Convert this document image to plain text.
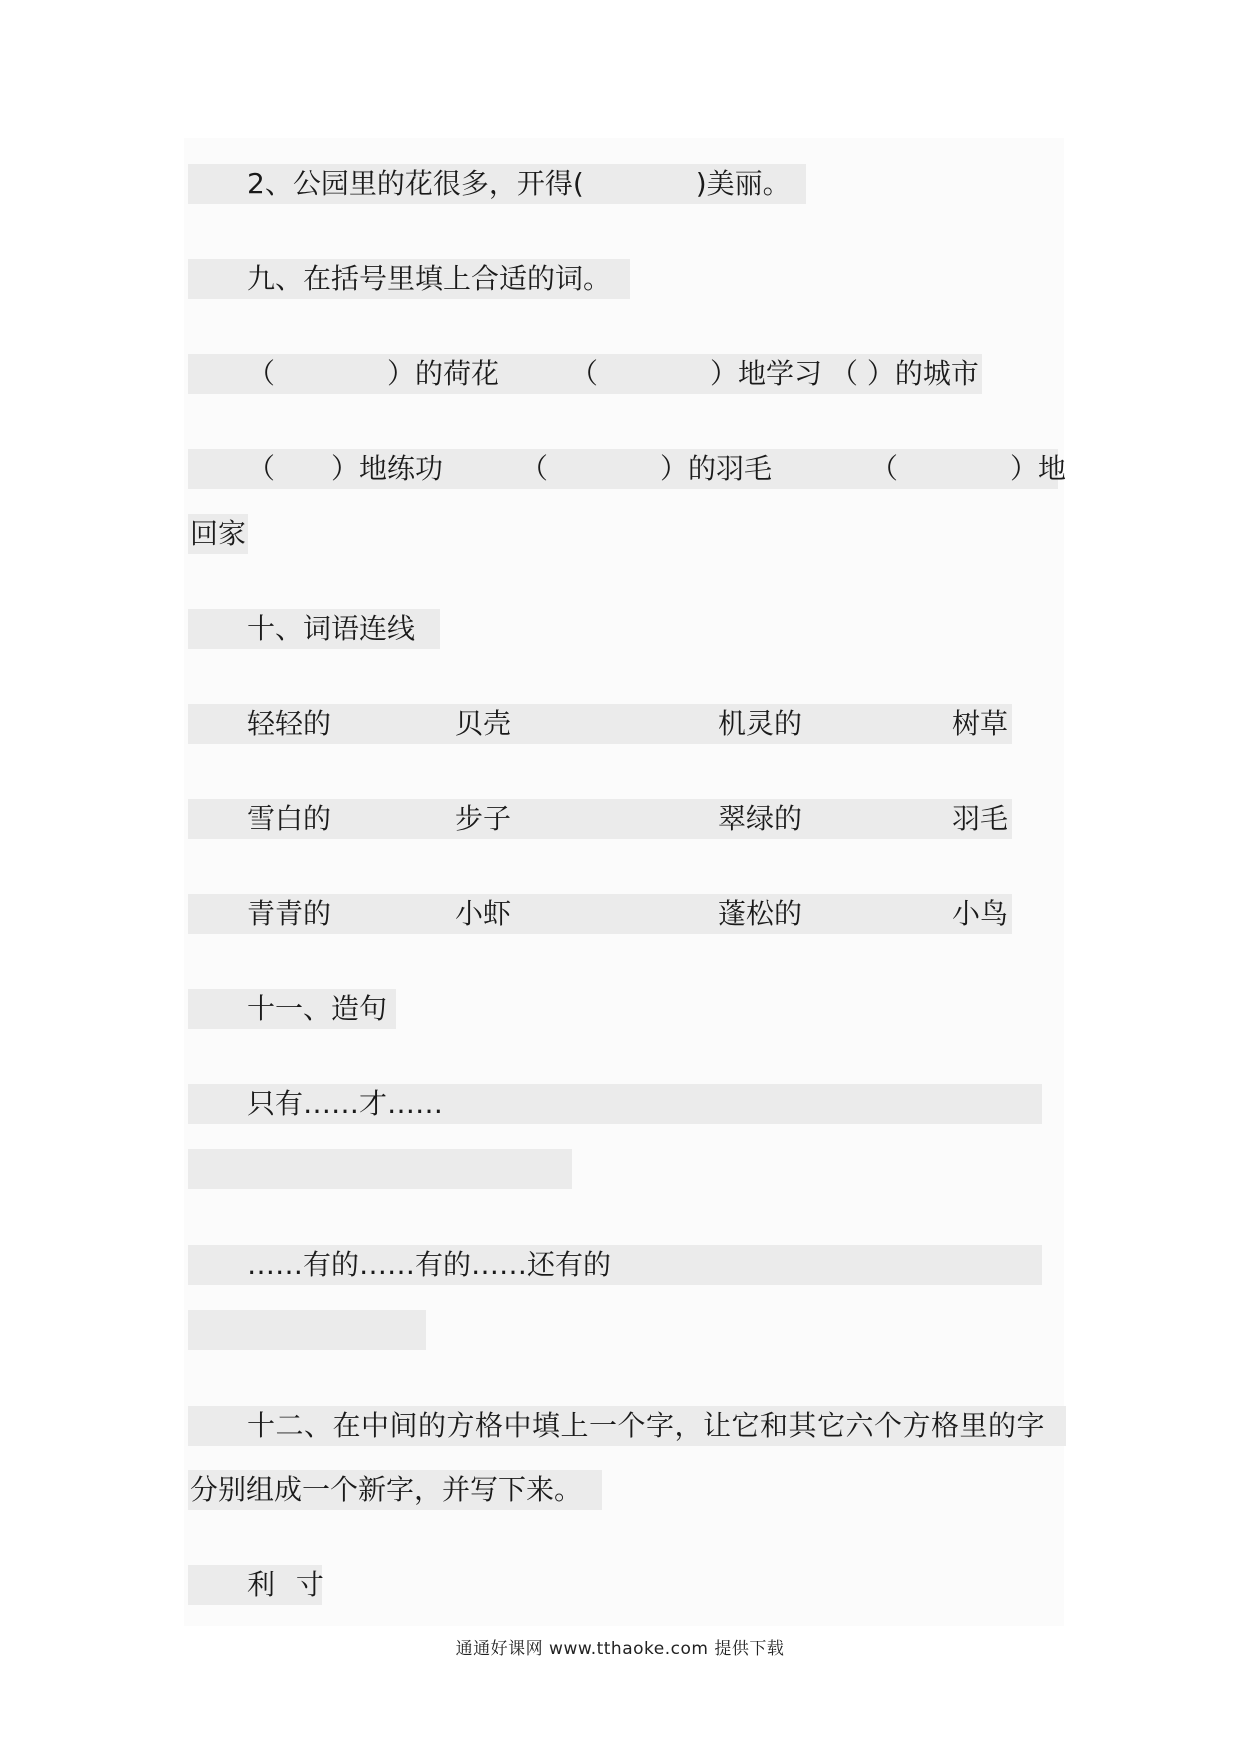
2、公园里的花很多，开得(　　　　)美丽。
九、在括号里填上合适的词。
（　　　　）的荷花	（　　　　）地学习 （ ）的城市
（　　）地练功	（　　　　）的羽毛	（　　　　）地
回家
十、词语连线
轻轻的	贝壳	机灵的	树草
雪白的	步子	翠绿的	羽毛
青青的	小虾	蓬松的	小鸟
十一、造句
只有……才……
……有的……有的……还有的
十二、在中间的方格中填上一个字，让它和其它六个方格里的字
分别组成一个新字，并写下来。
利 寸
通通好课网 www.tthaoke.com 提供下载
